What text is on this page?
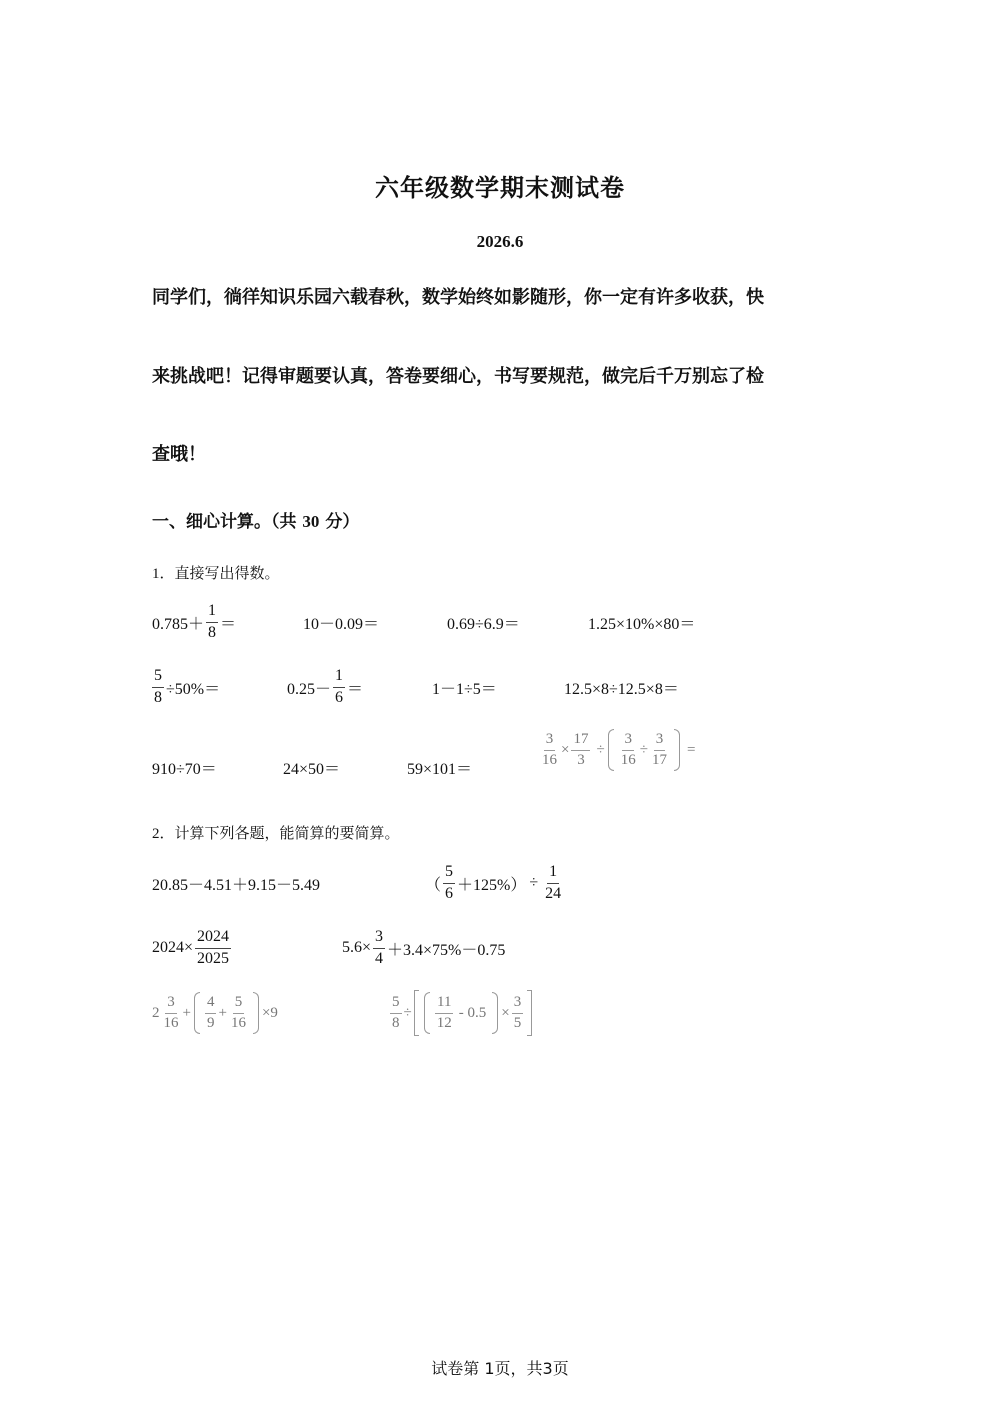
六年级数学期末测试卷
2026.6
同学们，徜徉知识乐园六载春秋，数学始终如影随形，你一定有许多收获，快
来挑战吧！记得审题要认真，答卷要细心，书写要规范，做完后千万别忘了检
查哦！
一、细心计算。（共 30 分）
1．直接写出得数。
$0.785+ \frac{1}{8}$ ＝	10－0.09＝	0.69÷6.9＝	1.25×10%×80＝
$\frac{5}{8} \div 50\%=$	$0.25- \frac{1}{6}$ ＝	1－1÷5＝	12.5×8÷12.5×8＝
910÷70＝	24×50＝	59×101＝
$\frac{3}{16} \times \frac{17}{3} \div \frac{3}{16} \div \frac{3}{17}$ =
2．计算下列各题，能简算的要简算。
20.85－4.51＋9.15－5.49	（ $\frac{5}{6} +125\%) \div \frac{1}{24}$
$2024\times \frac{2024}{2025}$	$5.6\times \frac{3}{4} +3.4\times 75\%-0.75$
$2 \frac{3}{16} + \frac{4}{9} + \frac{5}{16} \times 9$	$\frac{5}{8} \div \frac{11}{12} - 0.5 \times \frac{3}{5}$
试卷第 1页，共3页
